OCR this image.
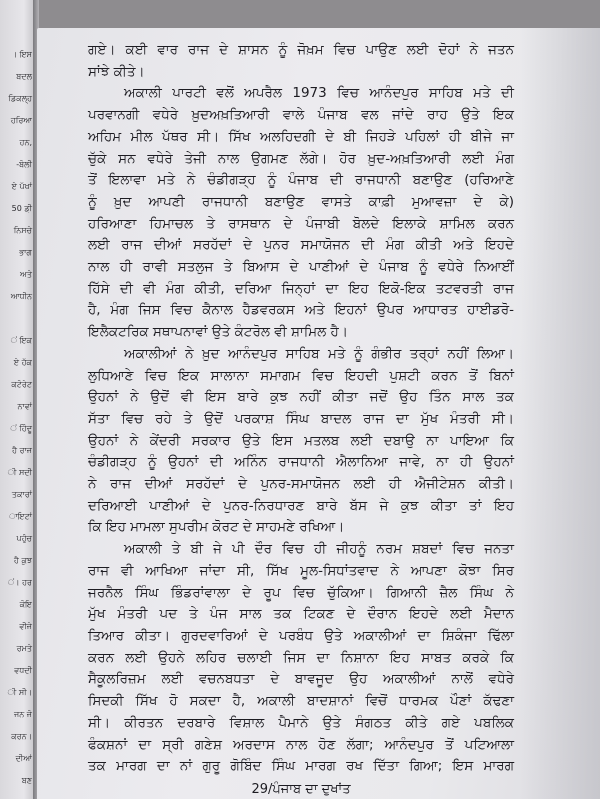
। ਇਸ
ਬਦਲ
ਡਿਕਲ੍ਹ
ਹਰਿਆ
ਹਨ,
-ਬੋਲੀ
ਏ ਪੱਖਾਂ
50 ਡ਼ੀ
ਨਿਸਚੇ
ਭਾਗ
ਅਤੇ
ਆਧੀਨ
ਂ ਇਕ
ਏ ਹੱਕ
ਕਟੋਰੇਟ
ਨਾਵਾਂ
ਂ ਹਿੰਦੂ
ਹੈ ਰਾਜ
ੀ ਸਦੀ
ਤਕਾਰਾਂ
ਾਇਟਾਂ
ਪਹੁੰਚ
ਹੈ ਕੁਝ
ਂ। ਹਰ
ਕੋਇ
ਵੀਜੇ
ਰਮਤੇ
ਵਧਦੀ
ੀ ਸੀ।
ਜਨ ਜੋ
ਕਰਨ।
ਦੀਆਂ
ਬਣ
ਗਏ। ਕਈ ਵਾਰ ਰਾਜ ਦੇ ਸ਼ਾਸਨ ਨੂੰ ਜੋਖ਼ਮ ਵਿਚ ਪਾਉਣ ਲਈ ਦੋਹਾਂ ਨੇ ਜਤਨ
ਸਾਂਝੇ ਕੀਤੇ।
ਅਕਾਲੀ ਪਾਰਟੀ ਵਲੋਂ ਅਪਰੈਲ 1973 ਵਿਚ ਆਨੰਦਪੁਰ ਸਾਹਿਬ ਮਤੇ ਦੀ
ਪਰਵਾਨਗੀ ਵਧੇਰੇ ਖ਼ੁਦਅਖ਼ਤਿਆਰੀ ਵਾਲੇ ਪੰਜਾਬ ਵਲ ਜਾਂਦੇ ਰਾਹ ਉਤੇ ਇਕ
ਅਹਿਮ ਮੀਲ ਪੱਥਰ ਸੀ। ਸਿੱਖ ਅਲਹਿਦਗੀ ਦੇ ਬੀ ਜਿਹੜੇ ਪਹਿਲਾਂ ਹੀ ਬੀਜੇ ਜਾ
ਚੁੱਕੇ ਸਨ ਵਧੇਰੇ ਤੇਜੀ ਨਾਲ ਉਗਮਣ ਲੱਗੇ। ਹੋਰ ਖ਼ੁਦ-ਅਖ਼ਤਿਆਰੀ ਲਈ ਮੰਗ
ਤੋਂ ਇਲਾਵਾ ਮਤੇ ਨੇ ਚੰਡੀਗੜ੍ਹ ਨੂੰ ਪੰਜਾਬ ਦੀ ਰਾਜਧਾਨੀ ਬਣਾਉਣ (ਹਰਿਆਣੇ
ਨੂੰ ਖ਼ੁਦ ਆਪਣੀ ਰਾਜਧਾਨੀ ਬਣਾਉਣ ਵਾਸਤੇ ਕਾਫ਼ੀ ਮੁਆਵਜ਼ਾ ਦੇ ਕੇ)
ਹਰਿਆਣਾ ਹਿਮਾਚਲ ਤੇ ਰਾਸਥਾਨ ਦੇ ਪੰਜਾਬੀ ਬੋਲਦੇ ਇਲਾਕੇ ਸ਼ਾਮਿਲ ਕਰਨ
ਲਈ ਰਾਜ ਦੀਆਂ ਸਰਹੱਦਾਂ ਦੇ ਪੁਨਰ ਸਮਾਯੋਜਨ ਦੀ ਮੰਗ ਕੀਤੀ ਅਤੇ ਇਹਦੇ
ਨਾਲ ਹੀ ਰਾਵੀ ਸਤਲੁਜ ਤੇ ਬਿਆਸ ਦੇ ਪਾਣੀਆਂ ਦੇ ਪੰਜਾਬ ਨੂੰ ਵਧੇਰੇ ਨਿਆਈਂ
ਹਿੱਸੇ ਦੀ ਵੀ ਮੰਗ ਕੀਤੀ, ਦਰਿਆ ਜਿਨ੍ਹਾਂ ਦਾ ਇਹ ਇਕੋ-ਇਕ ਤਟਵਰਤੀ ਰਾਜ
ਹੈ, ਮੰਗ ਜਿਸ ਵਿਚ ਕੈਨਾਲ ਹੈਡਵਰਕਸ ਅਤੇ ਇਹਨਾਂ ਉਪਰ ਆਧਾਰਤ ਹਾਈਡਰੋ-
ਇਲੈਕਟਰਿਕ ਸਥਾਪਨਾਵਾਂ ਉਤੇ ਕੰਟਰੋਲ ਵੀ ਸ਼ਾਮਿਲ ਹੈ।
ਅਕਾਲੀਆਂ ਨੇ ਖ਼ੁਦ ਆਨੰਦਪੁਰ ਸਾਹਿਬ ਮਤੇ ਨੂੰ ਗੰਭੀਰ ਤਰ੍ਹਾਂ ਨਹੀਂ ਲਿਆ।
ਲੁਧਿਆਣੇ ਵਿਚ ਇਕ ਸਾਲਾਨਾ ਸਮਾਗਮ ਵਿਚ ਇਹਦੀ ਪੁਸ਼ਟੀ ਕਰਨ ਤੋਂ ਬਿਨਾਂ
ਉਹਨਾਂ ਨੇ ਉਦੋਂ ਵੀ ਇਸ ਬਾਰੇ ਕੁਝ ਨਹੀਂ ਕੀਤਾ ਜਦੋਂ ਉਹ ਤਿੰਨ ਸਾਲ ਤਕ
ਸੱਤਾ ਵਿਚ ਰਹੇ ਤੇ ਉਦੋਂ ਪਰਕਾਸ਼ ਸਿੰਘ ਬਾਦਲ ਰਾਜ ਦਾ ਮੁੱਖ ਮੰਤਰੀ ਸੀ।
ਉਹਨਾਂ ਨੇ ਕੇਂਦਰੀ ਸਰਕਾਰ ਉਤੇ ਇਸ ਮਤਲਬ ਲਈ ਦਬਾਉ ਨਾ ਪਾਇਆ ਕਿ
ਚੰਡੀਗੜ੍ਹ ਨੂੰ ਉਹਨਾਂ ਦੀ ਅਨਿੰਨ ਰਾਜਧਾਨੀ ਐਲਾਨਿਆ ਜਾਵੇ, ਨਾ ਹੀ ਉਹਨਾਂ
ਨੇ ਰਾਜ ਦੀਆਂ ਸਰਹੱਦਾਂ ਦੇ ਪੁਨਰ-ਸਮਾਯੋਜਨ ਲਈ ਹੀ ਐਜੀਟੇਸ਼ਨ ਕੀਤੀ।
ਦਰਿਆਈ ਪਾਣੀਆਂ ਦੇ ਪੁਨਰ-ਨਿਰਧਾਰਣ ਬਾਰੇ ਬੱਸ ਜੇ ਕੁਝ ਕੀਤਾ ਤਾਂ ਇਹ
ਕਿ ਇਹ ਮਾਮਲਾ ਸੁਪਰੀਮ ਕੋਰਟ ਦੇ ਸਾਹਮਣੇ ਰਖਿਆ।
ਅਕਾਲੀ ਤੇ ਬੀ ਜੇ ਪੀ ਦੌਰ ਵਿਚ ਹੀ ਜੀਹਨੂੰ ਨਰਮ ਸ਼ਬਦਾਂ ਵਿਚ ਜਨਤਾ
ਰਾਜ ਵੀ ਆਖਿਆ ਜਾਂਦਾ ਸੀ, ਸਿੱਖ ਮੂਲ-ਸਿਧਾਂਤਵਾਦ ਨੇ ਆਪਣਾ ਕੋਝਾ ਸਿਰ
ਜਰਨੈਲ ਸਿੰਘ ਭਿੰਡਰਾਂਵਾਲਾ ਦੇ ਰੂਪ ਵਿਚ ਚੁੱਕਿਆ। ਗਿਆਨੀ ਜ਼ੈਲ ਸਿੰਘ ਨੇ
ਮੁੱਖ ਮੰਤਰੀ ਪਦ ਤੇ ਪੰਜ ਸਾਲ ਤਕ ਟਿਕਣ ਦੇ ਦੌਰਾਨ ਇਹਦੇ ਲਈ ਮੈਦਾਨ
ਤਿਆਰ ਕੀਤਾ। ਗੁਰਦਵਾਰਿਆਂ ਦੇ ਪਰਬੰਧ ਉਤੇ ਅਕਾਲੀਆਂ ਦਾ ਸ਼ਿਕੰਜਾ ਢਿੱਲਾ
ਕਰਨ ਲਈ ਉਹਨੇ ਲਹਿਰ ਚਲਾਈ ਜਿਸ ਦਾ ਨਿਸ਼ਾਨਾ ਇਹ ਸਾਬਤ ਕਰਕੇ ਕਿ
ਸੈਕੂਲਰਿਜ਼ਮ ਲਈ ਵਚਨਬਧਤਾ ਦੇ ਬਾਵਜੂਦ ਉਹ ਅਕਾਲੀਆਂ ਨਾਲੋਂ ਵਧੇਰੇ
ਸਿਦਕੀ ਸਿੱਖ ਹੋ ਸਕਦਾ ਹੈ, ਅਕਾਲੀ ਬਾਦਸ਼ਾਨਾਂ ਵਿਚੋਂ ਧਾਰਮਕ ਪੌਣਾਂ ਕੱਢਣਾ
ਸੀ। ਕੀਰਤਨ ਦਰਬਾਰੇ ਵਿਸ਼ਾਲ ਪੈਮਾਨੇ ਉਤੇ ਸੰਗਠਤ ਕੀਤੇ ਗਏ ਪਬਲਿਕ
ਫੰਕਸ਼ਨਾਂ ਦਾ ਸ੍ਰੀ ਗਣੇਸ਼ ਅਰਦਾਸ ਨਾਲ ਹੋਣ ਲੱਗਾ; ਆਨੰਦਪੁਰ ਤੋਂ ਪਟਿਆਲਾ
ਤਕ ਮਾਰਗ ਦਾ ਨਾਂ ਗੁਰੂ ਗੋਬਿੰਦ ਸਿੰਘ ਮਾਰਗ ਰਖ ਦਿੱਤਾ ਗਿਆ; ਇਸ ਮਾਰਗ
29/ਪੰਜਾਬ ਦਾ ਦੁਖਾਂਤ
